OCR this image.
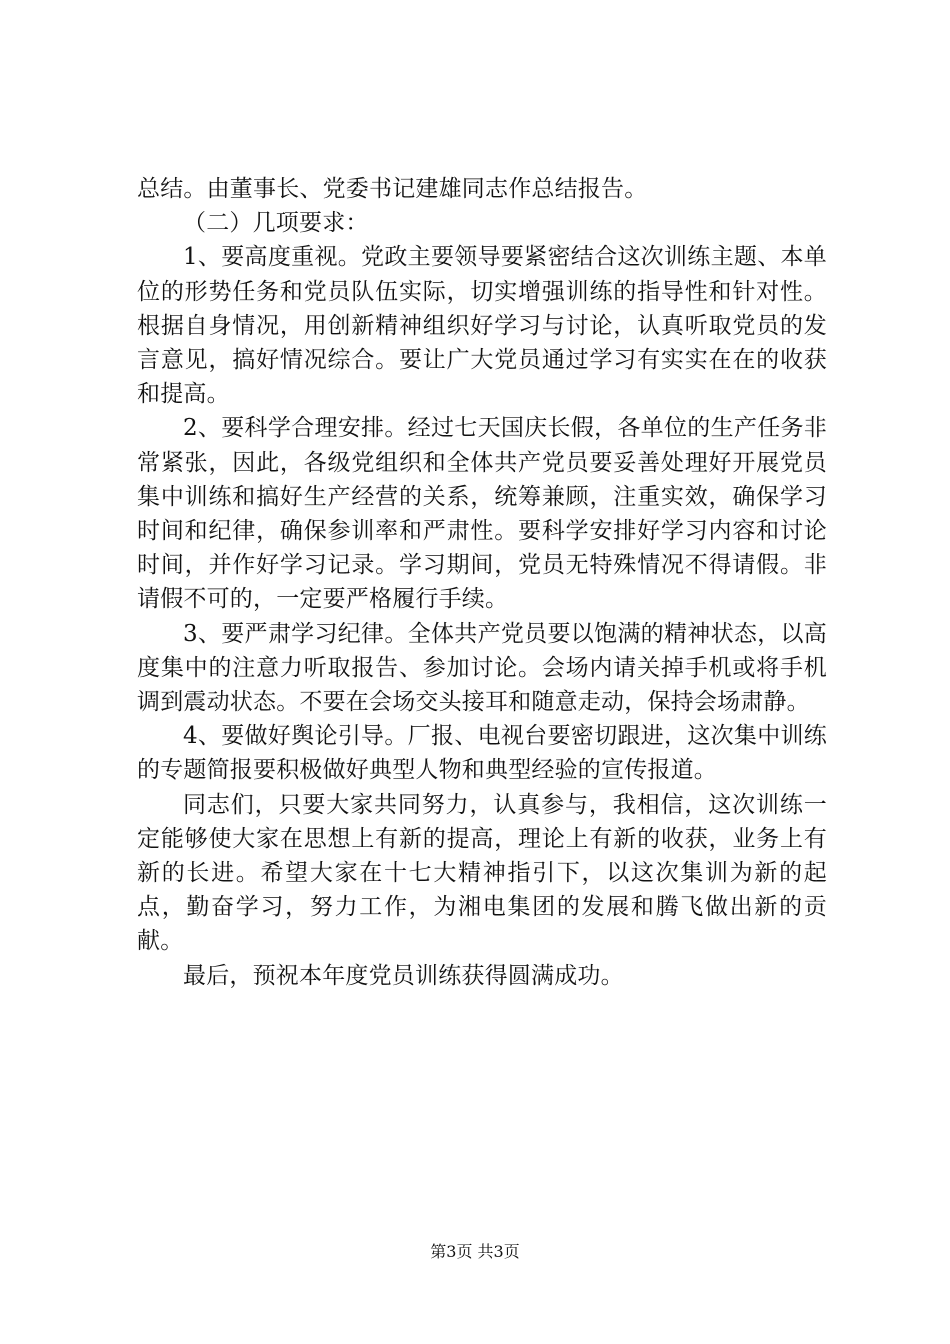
总结。由董事长、党委书记建雄同志作总结报告。

（二）几项要求：

1、要高度重视。党政主要领导要紧密结合这次训练主题、本单位的形势任务和党员队伍实际，切实增强训练的指导性和针对性。根据自身情况，用创新精神组织好学习与讨论，认真听取党员的发言意见，搞好情况综合。要让广大党员通过学习有实实在在的收获和提高。

2、要科学合理安排。经过七天国庆长假，各单位的生产任务非常紧张，因此，各级党组织和全体共产党员要妥善处理好开展党员集中训练和搞好生产经营的关系，统筹兼顾，注重实效，确保学习时间和纪律，确保参训率和严肃性。要科学安排好学习内容和讨论时间，并作好学习记录。学习期间，党员无特殊情况不得请假。非请假不可的，一定要严格履行手续。

3、要严肃学习纪律。全体共产党员要以饱满的精神状态，以高度集中的注意力听取报告、参加讨论。会场内请关掉手机或将手机调到震动状态。不要在会场交头接耳和随意走动，保持会场肃静。

4、要做好舆论引导。厂报、电视台要密切跟进，这次集中训练的专题简报要积极做好典型人物和典型经验的宣传报道。

同志们，只要大家共同努力，认真参与，我相信，这次训练一定能够使大家在思想上有新的提高，理论上有新的收获，业务上有新的长进。希望大家在十七大精神指引下，以这次集训为新的起点，勤奋学习，努力工作，为湘电集团的发展和腾飞做出新的贡献。

最后，预祝本年度党员训练获得圆满成功。

第3页 共3页
